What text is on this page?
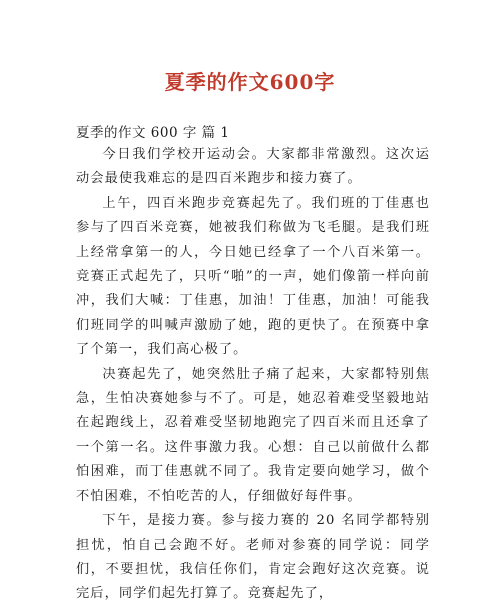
夏季的作文600字
夏季的作文 600 字 篇 1

今日我们学校开运动会。大家都非常激烈。这次运动会最使我难忘的是四百米跑步和接力赛了。

上午，四百米跑步竞赛起先了。我们班的丁佳惠也参与了四百米竞赛，她被我们称做为飞毛腿。是我们班上经常拿第一的人，今日她已经拿了一个八百米第一。竞赛正式起先了，只听“啪”的一声，她们像箭一样向前冲，我们大喊：丁佳惠，加油！丁佳惠，加油！可能我们班同学的叫喊声激励了她，跑的更快了。在预赛中拿了个第一，我们高心极了。

决赛起先了，她突然肚子痛了起来，大家都特别焦急，生怕决赛她参与不了。可是，她忍着难受坚毅地站在起跑线上，忍着难受坚韧地跑完了四百米而且还拿了一个第一名。这件事激力我。心想：自己以前做什么都怕困难，而丁佳惠就不同了。我肯定要向她学习，做个不怕困难，不怕吃苦的人，仔细做好每件事。

下午，是接力赛。参与接力赛的 20 名同学都特别担忧，怕自己会跑不好。老师对参赛的同学说：同学们，不要担忧，我信任你们，肯定会跑好这次竞赛。说完后，同学们起先打算了。竞赛起先了，
